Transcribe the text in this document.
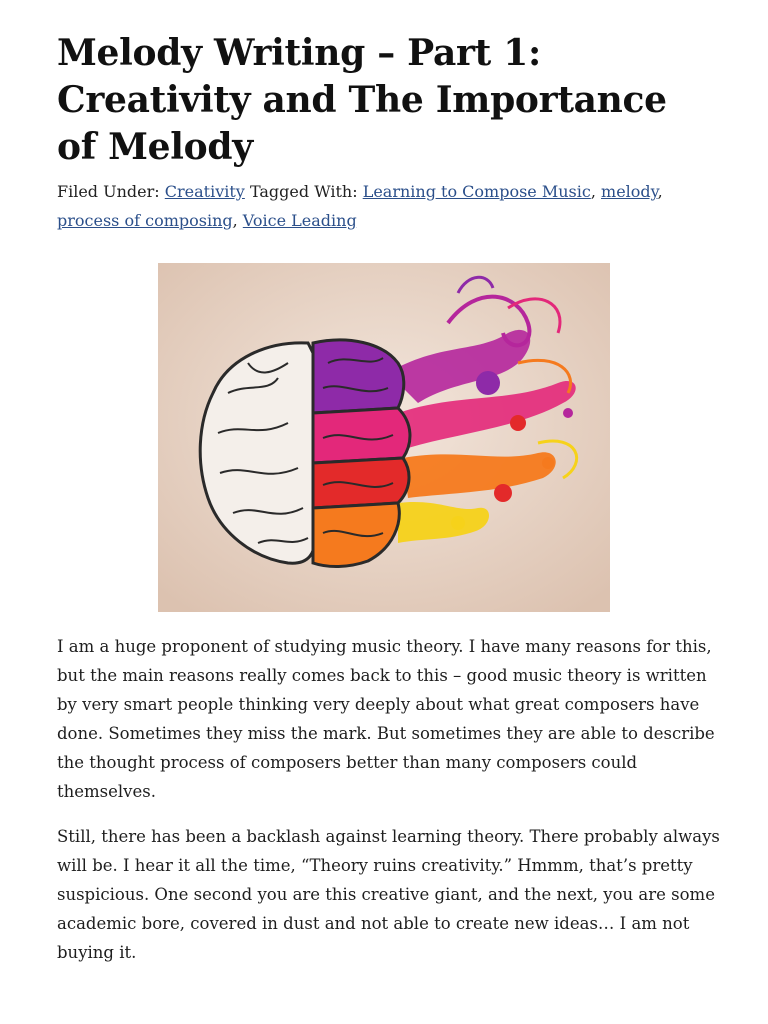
Melody Writing – Part 1: Creativity and The Importance of Melody

Filed Under: Creativity Tagged With: Learning to Compose Music, melody, process of composing, Voice Leading

I am a huge proponent of studying music theory. I have many reasons for this, but the main reasons really comes back to this – good music theory is written by very smart people thinking very deeply about what great composers have done. Sometimes they miss the mark. But sometimes they are able to describe the thought process of composers better than many composers could themselves.

Still, there has been a backlash against learning theory. There probably always will be. I hear it all the time, “Theory ruins creativity.” Hmmm, that’s pretty suspicious. One second you are this creative giant, and the next, you are some academic bore, covered in dust and not able to create new ideas… I am not buying it.
